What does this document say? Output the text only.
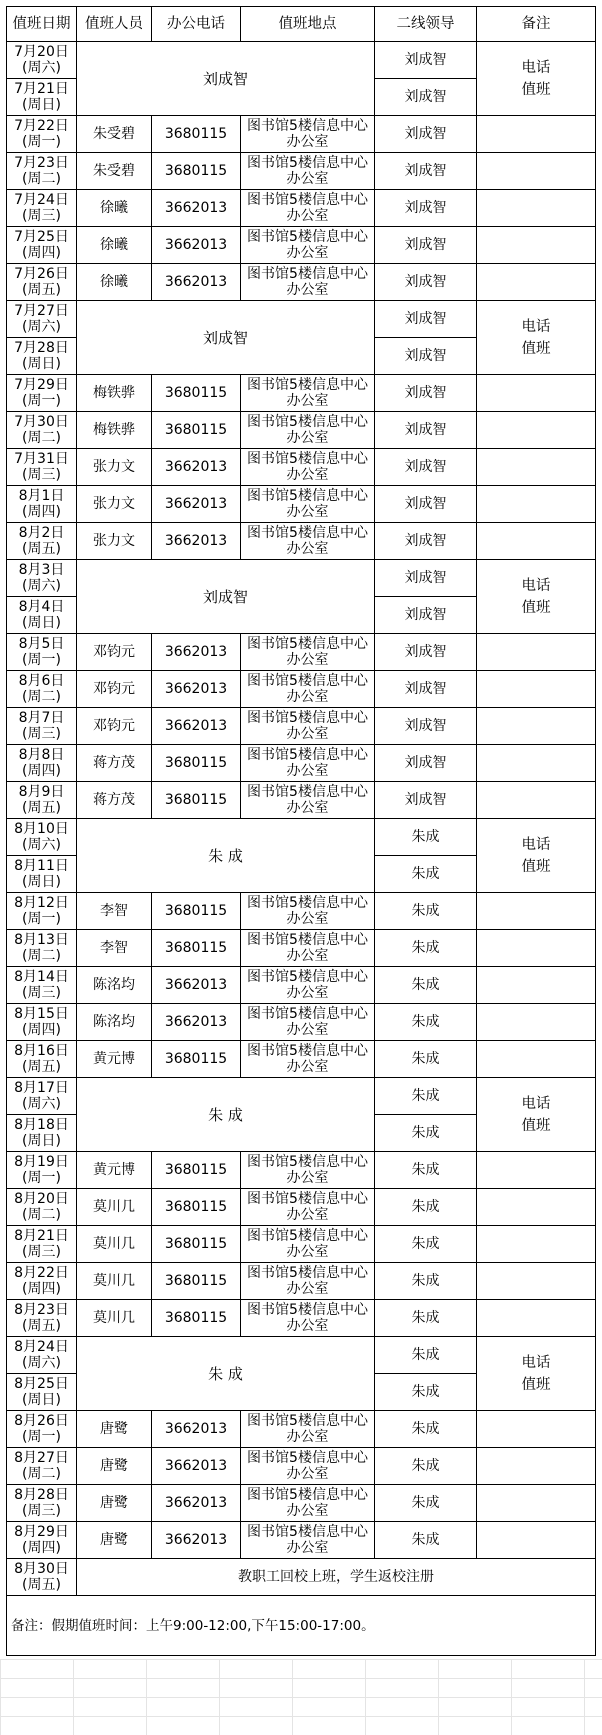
值班日期	值班人员	办公电话	值班地点	二线领导	备注

7月20日
(周六)	刘成智			刘成智	电话值班

7月21日
(周日)				刘成智	

7月22日
(周一)	朱受碧	3680115	图书馆5楼信息中心办公室	刘成智	

7月23日
(周二)	朱受碧	3680115	图书馆5楼信息中心办公室	刘成智	

7月24日
(周三)	徐曦	3662013	图书馆5楼信息中心办公室	刘成智	

7月25日
(周四)	徐曦	3662013	图书馆5楼信息中心办公室	刘成智	

7月26日
(周五)	徐曦	3662013	图书馆5楼信息中心办公室	刘成智	

7月27日
(周六)	刘成智			刘成智	电话值班

7月28日
(周日)				刘成智	

7月29日
(周一)	梅铁骅	3680115	图书馆5楼信息中心办公室	刘成智	

7月30日
(周二)	梅铁骅	3680115	图书馆5楼信息中心办公室	刘成智	

7月31日
(周三)	张力文	3662013	图书馆5楼信息中心办公室	刘成智	

8月1日
(周四)	张力文	3662013	图书馆5楼信息中心办公室	刘成智	

8月2日
(周五)	张力文	3662013	图书馆5楼信息中心办公室	刘成智	

8月3日
(周六)	刘成智			刘成智	电话值班

8月4日
(周日)				刘成智	

8月5日
(周一)	邓钧元	3662013	图书馆5楼信息中心办公室	刘成智	

8月6日
(周二)	邓钧元	3662013	图书馆5楼信息中心办公室	刘成智	

8月7日
(周三)	邓钧元	3662013	图书馆5楼信息中心办公室	刘成智	

8月8日
(周四)	蒋方茂	3680115	图书馆5楼信息中心办公室	刘成智	

8月9日
(周五)	蒋方茂	3680115	图书馆5楼信息中心办公室	刘成智	

8月10日
(周六)	朱 成			朱成	电话值班

8月11日
(周日)				朱成	

8月12日
(周一)	李智	3680115	图书馆5楼信息中心办公室	朱成	

8月13日
(周二)	李智	3680115	图书馆5楼信息中心办公室	朱成	

8月14日
(周三)	陈洺均	3662013	图书馆5楼信息中心办公室	朱成	

8月15日
(周四)	陈洺均	3662013	图书馆5楼信息中心办公室	朱成	

8月16日
(周五)	黄元博	3680115	图书馆5楼信息中心办公室	朱成	

8月17日
(周六)	朱 成			朱成	电话值班

8月18日
(周日)				朱成	

8月19日
(周一)	黄元博	3680115	图书馆5楼信息中心办公室	朱成	

8月20日
(周二)	莫川几	3680115	图书馆5楼信息中心办公室	朱成	

8月21日
(周三)	莫川几	3680115	图书馆5楼信息中心办公室	朱成	

8月22日
(周四)	莫川几	3680115	图书馆5楼信息中心办公室	朱成	

8月23日
(周五)	莫川几	3680115	图书馆5楼信息中心办公室	朱成	

8月24日
(周六)	朱 成			朱成	电话值班

8月25日
(周日)				朱成	

8月26日
(周一)	唐鹭	3662013	图书馆5楼信息中心办公室	朱成	

8月27日
(周二)	唐鹭	3662013	图书馆5楼信息中心办公室	朱成	

8月28日
(周三)	唐鹭	3662013	图书馆5楼信息中心办公室	朱成	

8月29日
(周四)	唐鹭	3662013	图书馆5楼信息中心办公室	朱成	

8月30日
(周五)	教职工回校上班，学生返校注册				
备注：假期值班时间：上午9:00-12:00,下午15:00-17:00。					
